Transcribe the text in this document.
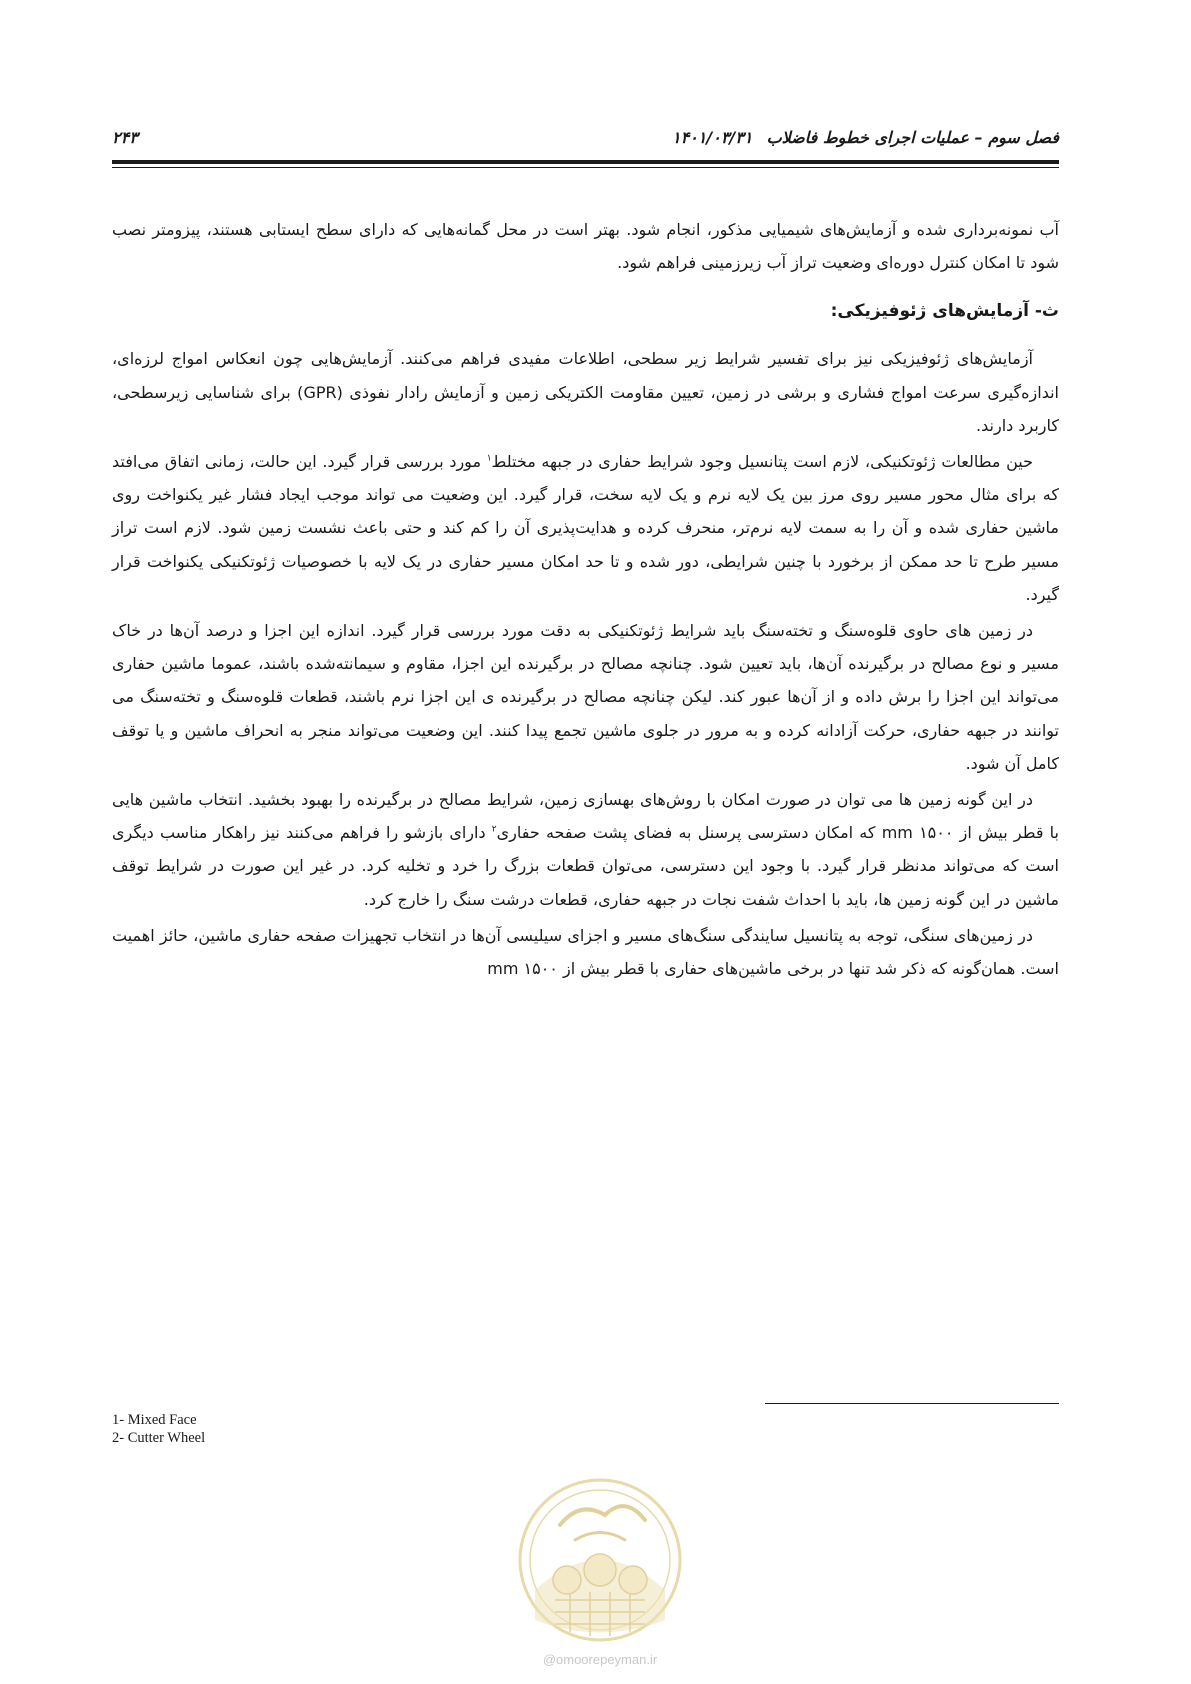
فصل سوم – عملیات اجرای خطوط فاضلاب
۱۴۰۱/۰۳/۳۱
۲۴۳

آب نمونه‌برداری شده و آزمایش‌های شیمیایی مذکور، انجام شود. بهتر است در محل گمانه‌هایی که دارای سطح ایستابی هستند، پیزومتر نصب شود تا امکان کنترل دوره‌ای وضعیت تراز آب زیرزمینی فراهم شود.

ث- آزمایش‌های ژئوفیزیکی:

آزمایش‌های ژئوفیزیکی نیز برای تفسیر شرایط زیر سطحی، اطلاعات مفیدی فراهم می‌کنند. آزمایش‌هایی چون انعکاس امواج لرزه‌ای، اندازه‌گیری سرعت امواج فشاری و برشی در زمین، تعیین مقاومت الکتریکی زمین و آزمایش رادار نفوذی (GPR) برای شناسایی زیرسطحی، کاربرد دارند.

حین مطالعات ژئوتکنیکی، لازم است پتانسیل وجود شرایط حفاری در جبهه مختلط$^۱$ مورد بررسی قرار گیرد. این حالت، زمانی اتفاق می‌افتد که برای مثال محور مسیر روی مرز بین یک لایه نرم و یک لایه سخت، قرار گیرد. این وضعیت می تواند موجب ایجاد فشار غیر یکنواخت روی ماشین حفاری شده و آن را به سمت لایه نرم‌تر، منحرف کرده و هدایت‌پذیری آن را کم کند و حتی باعث نشست زمین شود. لازم است تراز مسیر طرح تا حد ممکن از برخورد با چنین شرایطی، دور شده و تا حد امکان مسیر حفاری در یک لایه با خصوصیات ژئوتکنیکی یکنواخت قرار گیرد.

در زمین های حاوی قلوه‌سنگ و تخته‌سنگ باید شرایط ژئوتکنیکی به دقت مورد بررسی قرار گیرد. اندازه این اجزا و درصد آن‌ها در خاک مسیر و نوع مصالح در برگیرنده آن‌ها، باید تعیین شود. چنانچه مصالح در برگیرنده این اجزا، مقاوم و سیمانته‌شده باشند، عموما ماشین حفاری می‌تواند این اجزا را برش داده و از آن‌ها عبور کند. لیکن چنانچه مصالح در برگیرنده ی این اجزا نرم باشند، قطعات قلوه‌سنگ و تخته‌سنگ می توانند در جبهه حفاری، حرکت آزادانه کرده و به مرور در جلوی ماشین تجمع پیدا کنند. این وضعیت می‌تواند منجر به انحراف ماشین و یا توقف کامل آن شود.

در این گونه زمین ها می توان در صورت امکان با روش‌های بهسازی زمین، شرایط مصالح در برگیرنده را بهبود بخشید. انتخاب ماشین هایی با قطر بیش از ۱۵۰۰ mm که امکان دسترسی پرسنل به فضای پشت صفحه حفاری$^۲$ دارای بازشو را فراهم می‌کنند نیز راهکار مناسب دیگری است که می‌تواند مدنظر قرار گیرد. با وجود این دسترسی، می‌توان قطعات بزرگ را خرد و تخلیه کرد. در غیر این صورت در شرایط توقف ماشین در این گونه زمین ها، باید با احداث شفت نجات در جبهه حفاری، قطعات درشت سنگ را خارج کرد.

در زمین‌های سنگی، توجه به پتانسیل سایندگی سنگ‌های مسیر و اجزای سیلیسی آن‌ها در انتخاب تجهیزات صفحه حفاری ماشین، حائز اهمیت است. همان‌گونه که ذکر شد تنها در برخی ماشین‌های حفاری با قطر بیش از ۱۵۰۰ mm

1- Mixed Face
2- Cutter Wheel
@omoorepeyman.ir
